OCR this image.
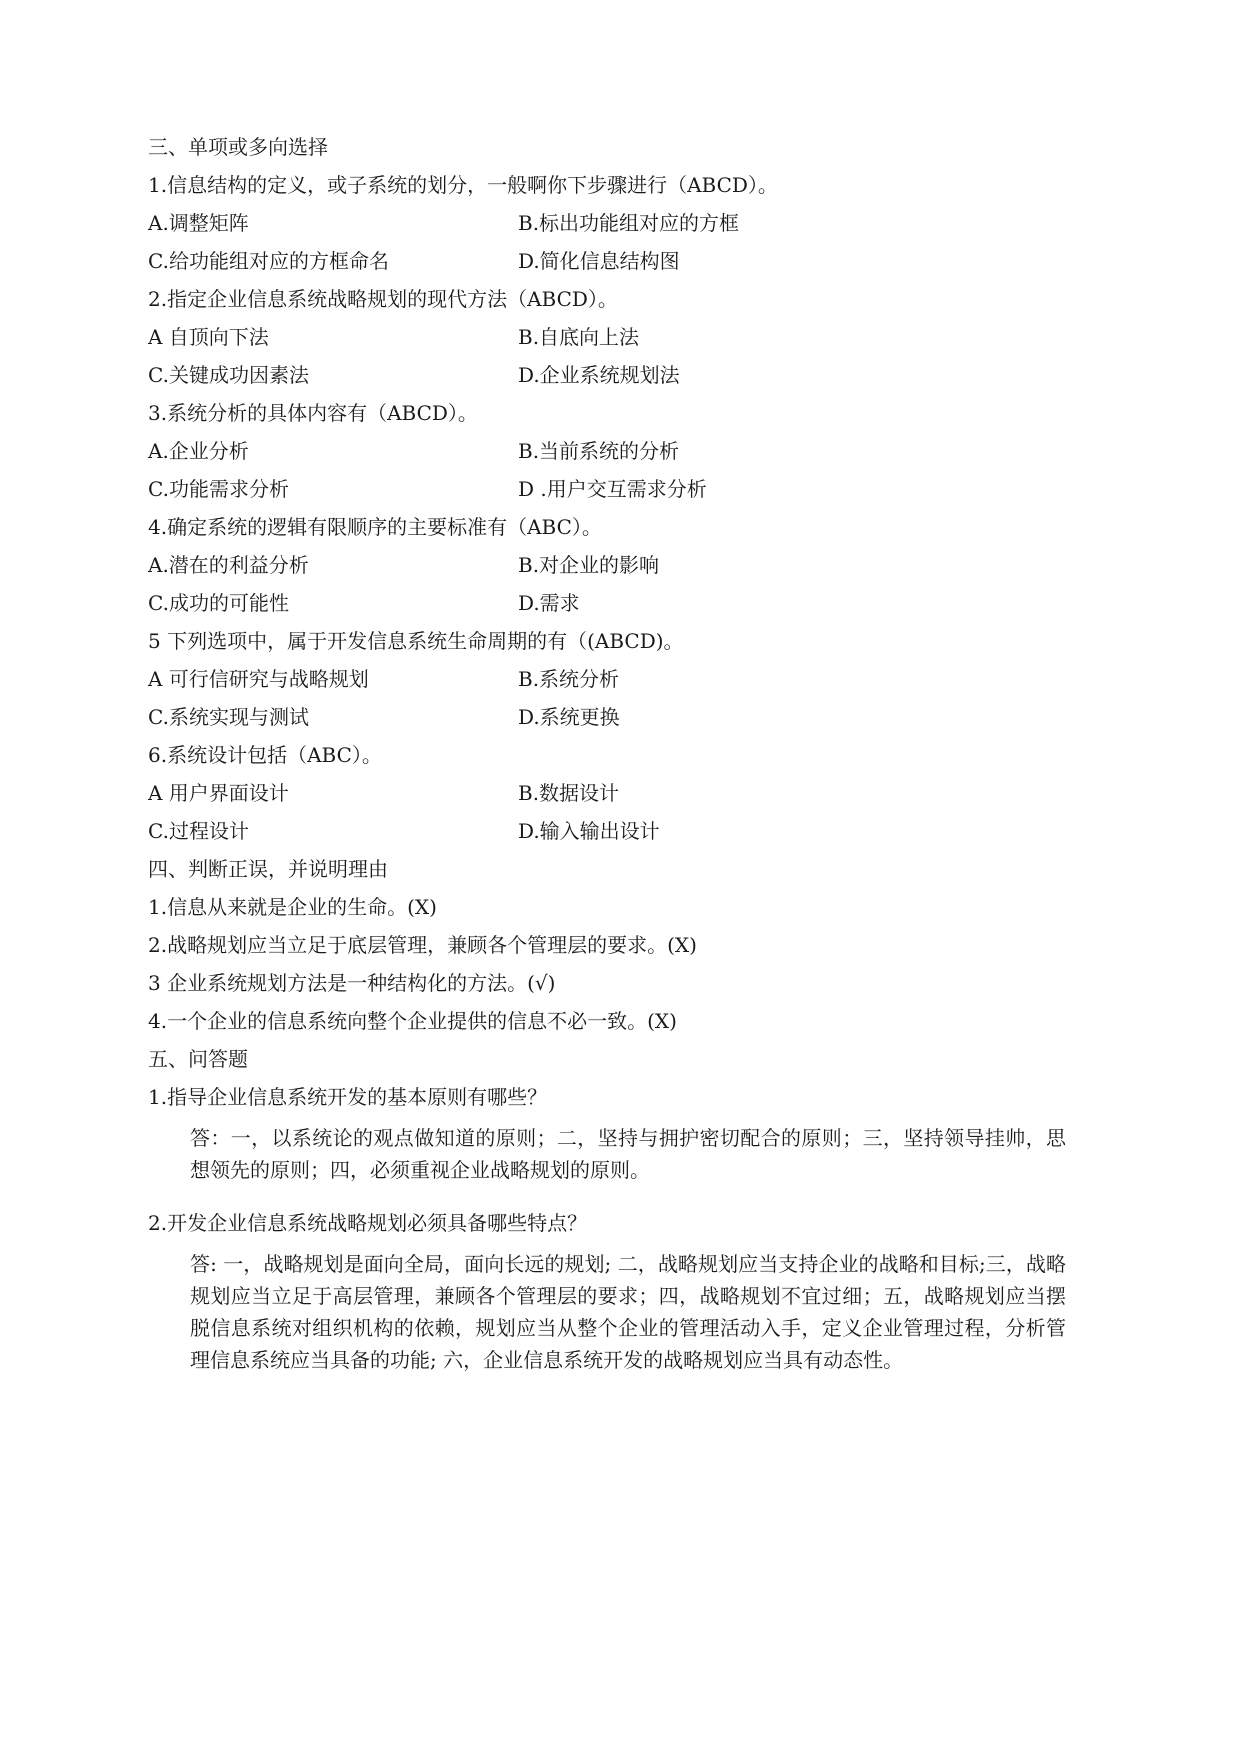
三、单项或多向选择
1.信息结构的定义，或子系统的划分，一般啊你下步骤进行（ABCD）。
A.调整矩阵	B.标出功能组对应的方框
C.给功能组对应的方框命名	D.简化信息结构图
2.指定企业信息系统战略规划的现代方法（ABCD）。
A 自顶向下法	B.自底向上法
C.关键成功因素法	D.企业系统规划法
3.系统分析的具体内容有（ABCD）。
A.企业分析	B.当前系统的分析
C.功能需求分析	D .用户交互需求分析
4.确定系统的逻辑有限顺序的主要标准有（ABC）。
A.潜在的利益分析	B.对企业的影响
C.成功的可能性	D.需求
5 下列选项中，属于开发信息系统生命周期的有（(ABCD)。
A 可行信研究与战略规划	B.系统分析
C.系统实现与测试	D.系统更换
6.系统设计包括（ABC）。
A 用户界面设计	B.数据设计
C.过程设计	D.输入输出设计
四、判断正误，并说明理由
1.信息从来就是企业的生命。(X)
2.战略规划应当立足于底层管理，兼顾各个管理层的要求。(X)
3 企业系统规划方法是一种结构化的方法。(√)
4.一个企业的信息系统向整个企业提供的信息不必一致。(X)
五、问答题
1.指导企业信息系统开发的基本原则有哪些？
答：一，以系统论的观点做知道的原则；二，坚持与拥护密切配合的原则；三，坚持领导挂帅，思想领先的原则；四，必须重视企业战略规划的原则。
2.开发企业信息系统战略规划必须具备哪些特点？
答: 一，战略规划是面向全局，面向长远的规划; 二，战略规划应当支持企业的战略和目标;三，战略规划应当立足于高层管理，兼顾各个管理层的要求；四，战略规划不宜过细；五，战略规划应当摆脱信息系统对组织机构的依赖，规划应当从整个企业的管理活动入手，定义企业管理过程，分析管理信息系统应当具备的功能; 六，企业信息系统开发的战略规划应当具有动态性。
